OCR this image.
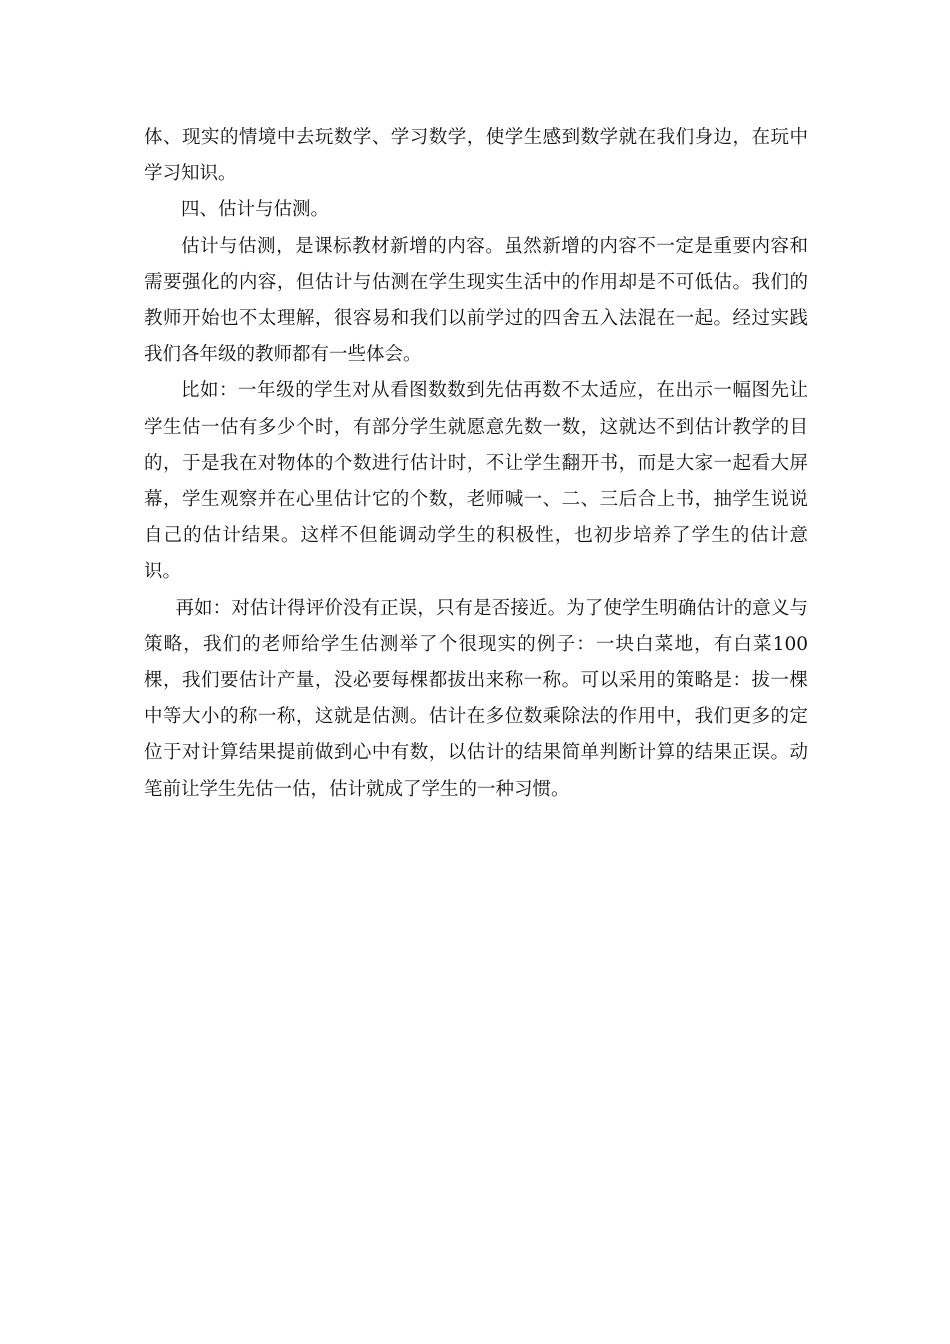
体、现实的情境中去玩数学、学习数学，使学生感到数学就在我们身边，在玩中学习知识。

四、估计与估测。

估计与估测，是课标教材新增的内容。虽然新增的内容不一定是重要内容和需要强化的内容，但估计与估测在学生现实生活中的作用却是不可低估。我们的教师开始也不太理解，很容易和我们以前学过的四舍五入法混在一起。经过实践我们各年级的教师都有一些体会。

比如：一年级的学生对从看图数数到先估再数不太适应，在出示一幅图先让学生估一估有多少个时，有部分学生就愿意先数一数，这就达不到估计教学的目的，于是我在对物体的个数进行估计时，不让学生翻开书，而是大家一起看大屏幕，学生观察并在心里估计它的个数，老师喊一、二、三后合上书，抽学生说说自己的估计结果。这样不但能调动学生的积极性，也初步培养了学生的估计意识。

再如：对估计得评价没有正误，只有是否接近。为了使学生明确估计的意义与策略，我们的老师给学生估测举了个很现实的例子：一块白菜地，有白菜100棵，我们要估计产量，没必要每棵都拔出来称一称。可以采用的策略是：拔一棵中等大小的称一称，这就是估测。估计在多位数乘除法的作用中，我们更多的定位于对计算结果提前做到心中有数，以估计的结果简单判断计算的结果正误。动笔前让学生先估一估，估计就成了学生的一种习惯。
